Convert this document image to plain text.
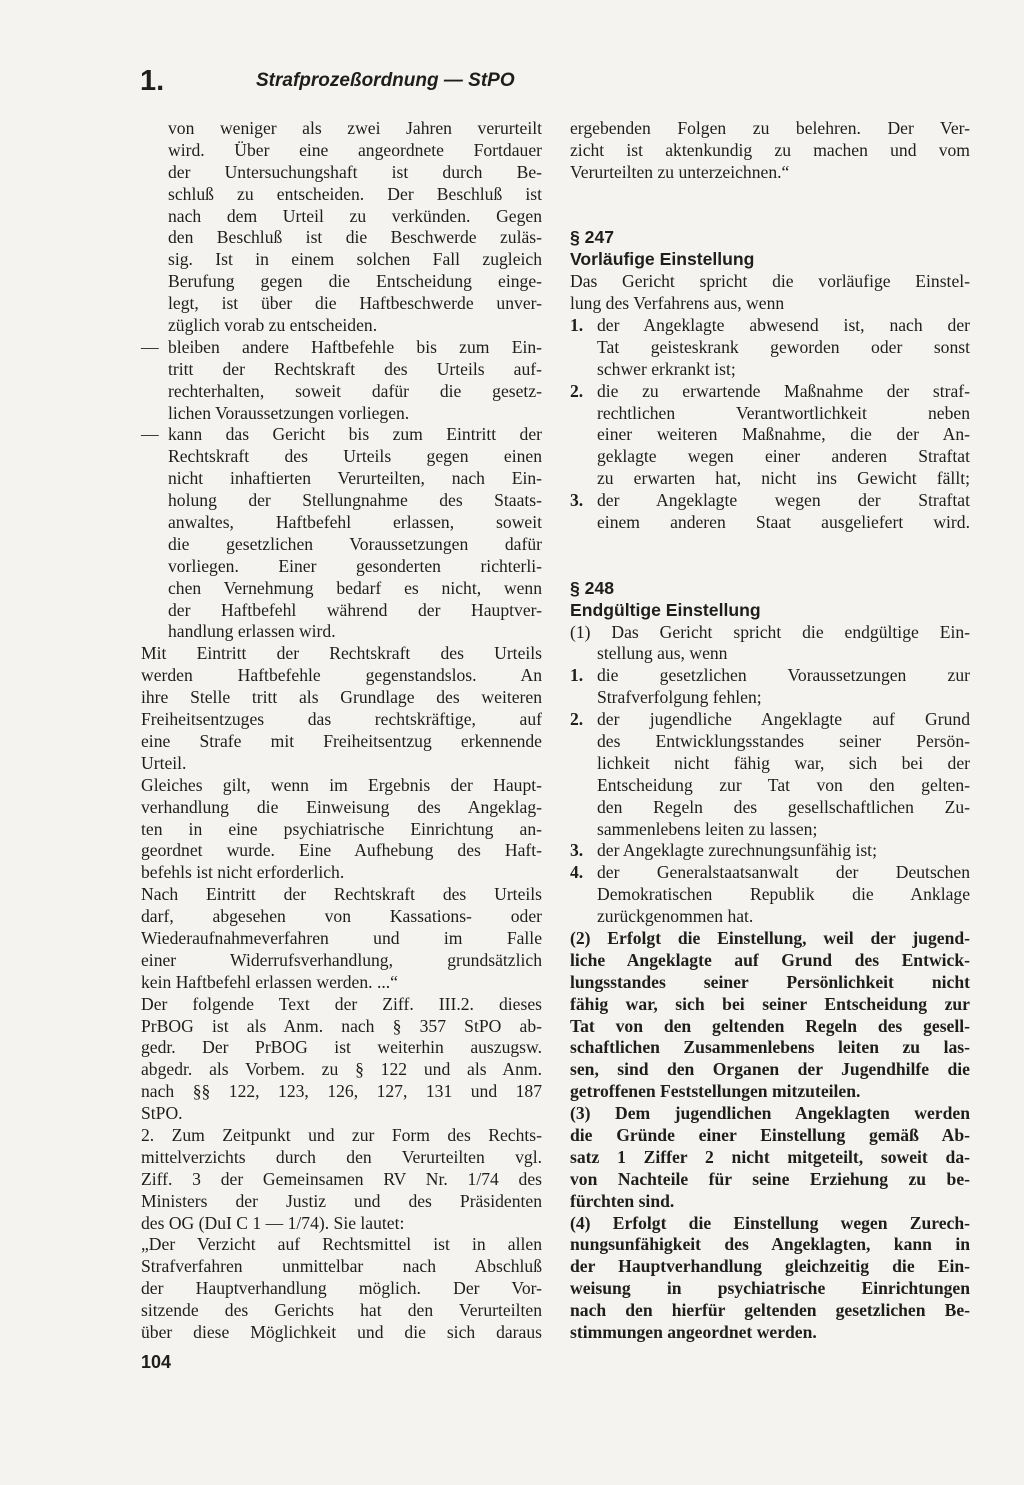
1.	Strafprozeßordnung — StPO
von weniger als zwei Jahren verurteilt
wird. Über eine angeordnete Fortdauer
der Untersuchungshaft ist durch Be-
schluß zu entscheiden. Der Beschluß ist
nach dem Urteil zu verkünden. Gegen
den Beschluß ist die Beschwerde zuläs-
sig. Ist in einem solchen Fall zugleich
Berufung gegen die Entscheidung einge-
legt, ist über die Haftbeschwerde unver-
züglich vorab zu entscheiden.
— bleiben andere Haftbefehle bis zum Ein-
tritt der Rechtskraft des Urteils auf-
rechterhalten, soweit dafür die gesetz-
lichen Voraussetzungen vorliegen.
— kann das Gericht bis zum Eintritt der
Rechtskraft des Urteils gegen einen
nicht inhaftierten Verurteilten, nach Ein-
holung der Stellungnahme des Staats-
anwaltes, Haftbefehl erlassen, soweit
die gesetzlichen Voraussetzungen dafür
vorliegen. Einer gesonderten richterli-
chen Vernehmung bedarf es nicht, wenn
der Haftbefehl während der Hauptver-
handlung erlassen wird.
Mit Eintritt der Rechtskraft des Urteils
werden Haftbefehle gegenstandslos. An
ihre Stelle tritt als Grundlage des weiteren
Freiheitsentzuges das rechtskräftige, auf
eine Strafe mit Freiheitsentzug erkennende
Urteil.
Gleiches gilt, wenn im Ergebnis der Haupt-
verhandlung die Einweisung des Angeklag-
ten in eine psychiatrische Einrichtung an-
geordnet wurde. Eine Aufhebung des Haft-
befehls ist nicht erforderlich.
Nach Eintritt der Rechtskraft des Urteils
darf, abgesehen von Kassations- oder
Wiederaufnahmeverfahren und im Falle
einer Widerrufsverhandlung, grundsätzlich
kein Haftbefehl erlassen werden. ...“
Der folgende Text der Ziff. III.2. dieses
PrBOG ist als Anm. nach § 357 StPO ab-
gedr. Der PrBOG ist weiterhin auszugsw.
abgedr. als Vorbem. zu § 122 und als Anm.
nach §§ 122, 123, 126, 127, 131 und 187
StPO.
2. Zum Zeitpunkt und zur Form des Rechts-
mittelverzichts durch den Verurteilten vgl.
Ziff. 3 der Gemeinsamen RV Nr. 1/74 des
Ministers der Justiz und des Präsidenten
des OG (DuI C 1 — 1/74). Sie lautet:
„Der Verzicht auf Rechtsmittel ist in allen
Strafverfahren unmittelbar nach Abschluß
der Hauptverhandlung möglich. Der Vor-
sitzende des Gerichts hat den Verurteilten
über diese Möglichkeit und die sich daraus
ergebenden Folgen zu belehren. Der Ver-
zicht ist aktenkundig zu machen und vom
Verurteilten zu unterzeichnen.“
§ 247
Vorläufige Einstellung
Das Gericht spricht die vorläufige Einstel-
lung des Verfahrens aus, wenn
1. der Angeklagte abwesend ist, nach der
Tat geisteskrank geworden oder sonst
schwer erkrankt ist;
2. die zu erwartende Maßnahme der straf-
rechtlichen Verantwortlichkeit neben
einer weiteren Maßnahme, die der An-
geklagte wegen einer anderen Straftat
zu erwarten hat, nicht ins Gewicht fällt;
3. der Angeklagte wegen der Straftat
einem anderen Staat ausgeliefert wird.
§ 248
Endgültige Einstellung
(1) Das Gericht spricht die endgültige Ein-
stellung aus, wenn
1. die gesetzlichen Voraussetzungen zur
Strafverfolgung fehlen;
2. der jugendliche Angeklagte auf Grund
des Entwicklungsstandes seiner Persön-
lichkeit nicht fähig war, sich bei der
Entscheidung zur Tat von den gelten-
den Regeln des gesellschaftlichen Zu-
sammenlebens leiten zu lassen;
3. der Angeklagte zurechnungsunfähig ist;
4. der Generalstaatsanwalt der Deutschen
Demokratischen Republik die Anklage
zurückgenommen hat.
(2) Erfolgt die Einstellung, weil der jugend-
liche Angeklagte auf Grund des Entwick-
lungsstandes seiner Persönlichkeit nicht
fähig war, sich bei seiner Entscheidung zur
Tat von den geltenden Regeln des gesell-
schaftlichen Zusammenlebens leiten zu las-
sen, sind den Organen der Jugendhilfe die
getroffenen Feststellungen mitzuteilen.
(3) Dem jugendlichen Angeklagten werden
die Gründe einer Einstellung gemäß Ab-
satz 1 Ziffer 2 nicht mitgeteilt, soweit da-
von Nachteile für seine Erziehung zu be-
fürchten sind.
(4) Erfolgt die Einstellung wegen Zurech-
nungsunfähigkeit des Angeklagten, kann in
der Hauptverhandlung gleichzeitig die Ein-
weisung in psychiatrische Einrichtungen
nach den hierfür geltenden gesetzlichen Be-
stimmungen angeordnet werden.
104
